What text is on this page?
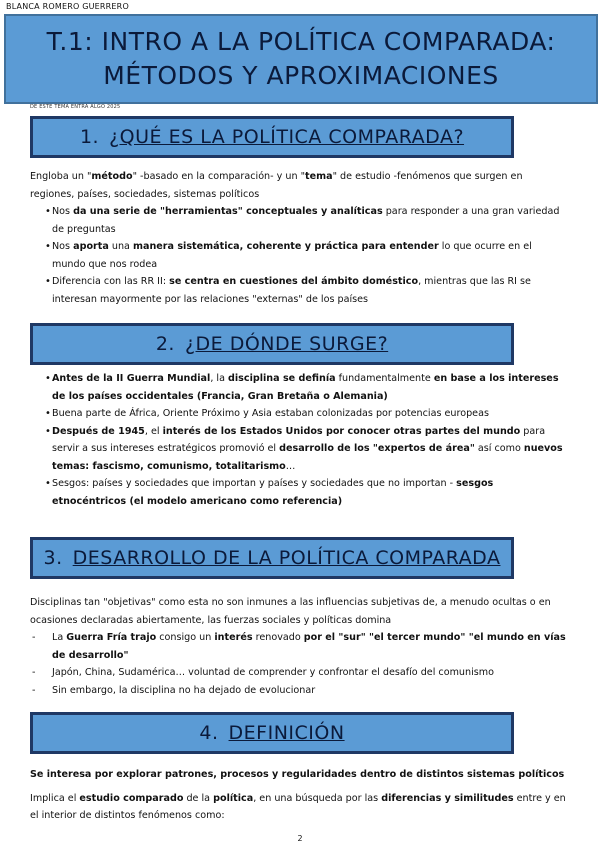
BLANCA ROMERO GUERRERO
T.1: INTRO A LA POLÍTICA COMPARADA:
MÉTODOS Y APROXIMACIONES
DE ESTE TEMA ENTRA ALGO 2025
1. ¿QUÉ ES LA POLÍTICA COMPARADA?

Engloba un "método" -basado en la comparación- y un "tema" de estudio -fenómenos que surgen en regiones, países, sociedades, sistemas políticos

• Nos da una serie de "herramientas" conceptuales y analíticas para responder a una gran variedad de preguntas
• Nos aporta una manera sistemática, coherente y práctica para entender lo que ocurre en el mundo que nos rodea
• Diferencia con las RR II: se centra en cuestiones del ámbito doméstico, mientras que las RI se interesan mayormente por las relaciones "externas" de los países
2. ¿DE DÓNDE SURGE?
• Antes de la II Guerra Mundial, la disciplina se definía fundamentalmente en base a los intereses de los países occidentales (Francia, Gran Bretaña o Alemania)
• Buena parte de África, Oriente Próximo y Asia estaban colonizadas por potencias europeas
• Después de 1945, el interés de los Estados Unidos por conocer otras partes del mundo para servir a sus intereses estratégicos promovió el desarrollo de los "expertos de área" así como nuevos temas: fascismo, comunismo, totalitarismo…
• Sesgos: países y sociedades que importan y países y sociedades que no importan - sesgos etnocéntricos (el modelo americano como referencia)
3. DESARROLLO DE LA POLÍTICA COMPARADA

Disciplinas tan "objetivas" como esta no son inmunes a las influencias subjetivas de, a menudo ocultas o en ocasiones declaradas abiertamente, las fuerzas sociales y políticas domina

- La Guerra Fría trajo consigo un interés renovado por el "sur" "el tercer mundo" "el mundo en vías de desarrollo"
- Japón, China, Sudamérica… voluntad de comprender y confrontar el desafío del comunismo
- Sin embargo, la disciplina no ha dejado de evolucionar
4. DEFINICIÓN

Se interesa por explorar patrones, procesos y regularidades dentro de distintos sistemas políticos

Implica el estudio comparado de la política, en una búsqueda por las diferencias y similitudes entre y en el interior de distintos fenómenos como:

2
